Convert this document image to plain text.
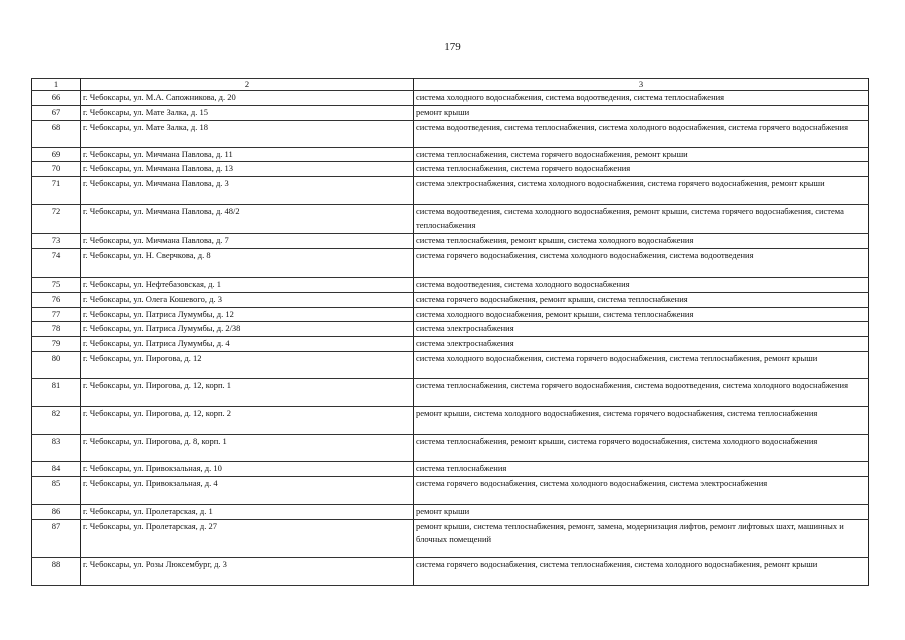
179
1	2	3
66	г. Чебоксары, ул. М.А. Сапожникова, д. 20	система холодного водоснабжения, система водоотведения, система теплоснабжения
67	г. Чебоксары, ул. Мате Залка, д. 15	ремонт крыши
68	г. Чебоксары, ул. Мате Залка, д. 18	система водоотведения, система теплоснабжения, система холодного водоснабжения, система горячего водоснабжения
69	г. Чебоксары, ул. Мичмана Павлова, д. 11	система теплоснабжения, система горячего водоснабжения, ремонт крыши
70	г. Чебоксары, ул. Мичмана Павлова, д. 13	система теплоснабжения, система горячего водоснабжения
71	г. Чебоксары, ул. Мичмана Павлова, д. 3	система электроснабжения, система холодного водоснабжения, система горячего водоснабжения, ремонт крыши
72	г. Чебоксары, ул. Мичмана Павлова, д. 48/2	система водоотведения, система холодного водоснабжения, ремонт крыши, система горячего водоснабжения, система теплоснабжения
73	г. Чебоксары, ул. Мичмана Павлова, д. 7	система теплоснабжения, ремонт крыши, система холодного водоснабжения
74	г. Чебоксары, ул. Н. Сверчкова, д. 8	система горячего водоснабжения, система холодного водоснабжения, система водоотведения
75	г. Чебоксары, ул. Нефтебазовская, д. 1	система водоотведения, система холодного водоснабжения
76	г. Чебоксары, ул. Олега Кошевого, д. 3	система горячего водоснабжения, ремонт крыши, система теплоснабжения
77	г. Чебоксары, ул. Патриса Лумумбы, д. 12	система холодного водоснабжения, ремонт крыши, система теплоснабжения
78	г. Чебоксары, ул. Патриса Лумумбы, д. 2/38	система электроснабжения
79	г. Чебоксары, ул. Патриса Лумумбы, д. 4	система электроснабжения
80	г. Чебоксары, ул. Пирогова, д. 12	система холодного водоснабжения, система горячего водоснабжения, система теплоснабжения, ремонт крыши
81	г. Чебоксары, ул. Пирогова, д. 12, корп. 1	система теплоснабжения, система горячего водоснабжения, система водоотведения, система холодного водоснабжения
82	г. Чебоксары, ул. Пирогова, д. 12, корп. 2	ремонт крыши, система холодного водоснабжения, система горячего водоснабжения, система теплоснабжения
83	г. Чебоксары, ул. Пирогова, д. 8, корп. 1	система теплоснабжения, ремонт крыши, система горячего водоснабжения, система холодного водоснабжения
84	г. Чебоксары, ул. Привокзальная, д. 10	система теплоснабжения
85	г. Чебоксары, ул. Привокзальная, д. 4	система горячего водоснабжения, система холодного водоснабжения, система электроснабжения
86	г. Чебоксары, ул. Пролетарская, д. 1	ремонт крыши
87	г. Чебоксары, ул. Пролетарская, д. 27	ремонт крыши, система теплоснабжения, ремонт, замена, модернизация лифтов, ремонт лифтовых шахт, машинных и блочных помещений
88	г. Чебоксары, ул. Розы Люксембург, д. 3	система горячего водоснабжения, система теплоснабжения, система холодного водоснабжения, ремонт крыши
